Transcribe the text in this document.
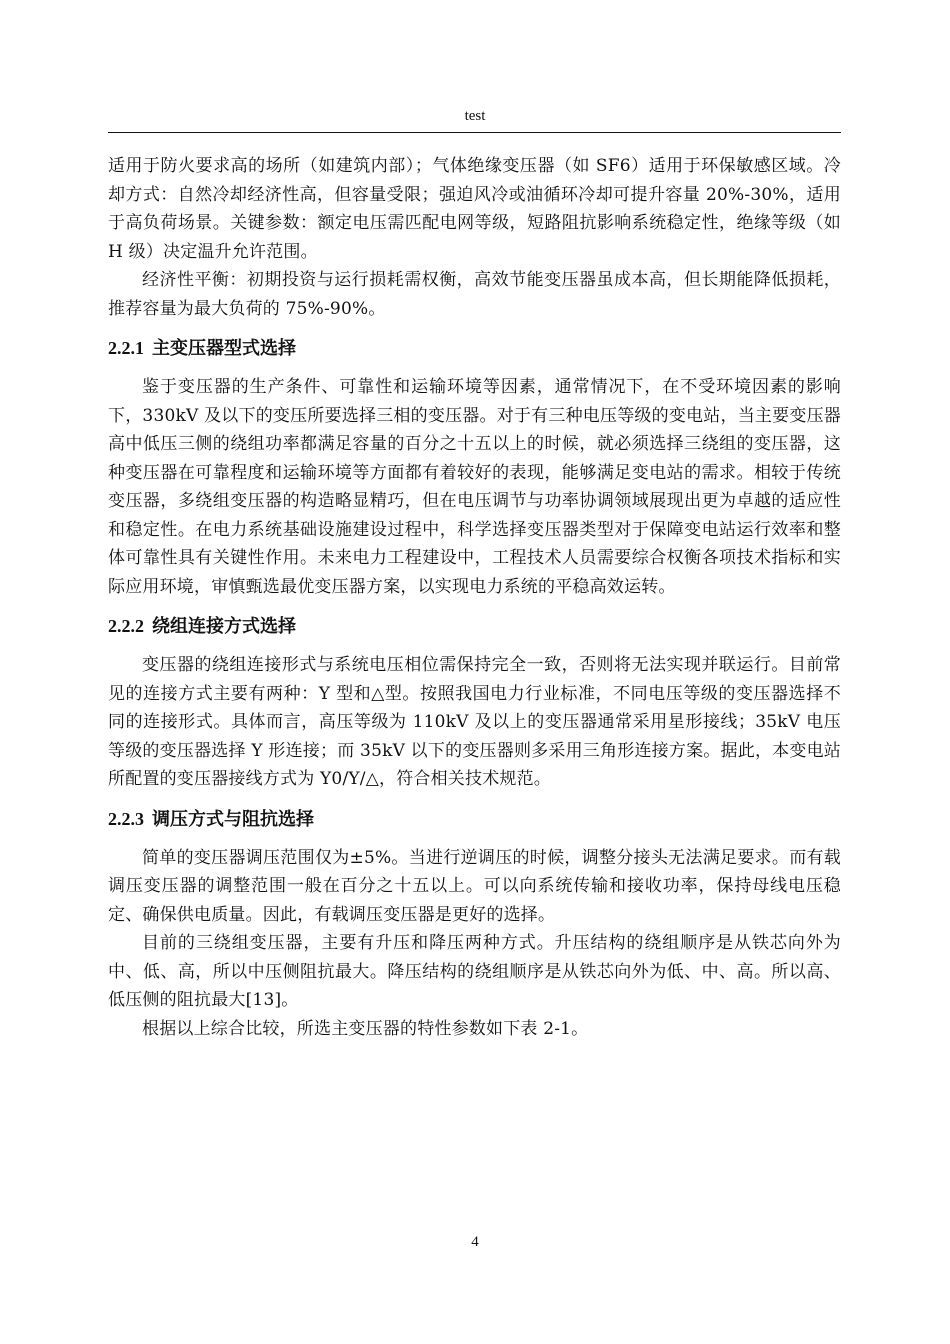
test

适用于防火要求高的场所（如建筑内部）；气体绝缘变压器（如 SF6）适用于环保敏感区域。冷却方式：自然冷却经济性高，但容量受限；强迫风冷或油循环冷却可提升容量 20%-30%，适用于高负荷场景。关键参数：额定电压需匹配电网等级，短路阻抗影响系统稳定性，绝缘等级（如 H 级）决定温升允许范围。

经济性平衡：初期投资与运行损耗需权衡，高效节能变压器虽成本高，但长期能降低损耗，推荐容量为最大负荷的 75%-90%。

2.2.1 主变压器型式选择

鉴于变压器的生产条件、可靠性和运输环境等因素，通常情况下，在不受环境因素的影响下，330kV 及以下的变压所要选择三相的变压器。对于有三种电压等级的变电站，当主要变压器高中低压三侧的绕组功率都满足容量的百分之十五以上的时候，就必须选择三绕组的变压器，这种变压器在可靠程度和运输环境等方面都有着较好的表现，能够满足变电站的需求。相较于传统变压器，多绕组变压器的构造略显精巧，但在电压调节与功率协调领域展现出更为卓越的适应性和稳定性。在电力系统基础设施建设过程中，科学选择变压器类型对于保障变电站运行效率和整体可靠性具有关键性作用。未来电力工程建设中，工程技术人员需要综合权衡各项技术指标和实际应用环境，审慎甄选最优变压器方案，以实现电力系统的平稳高效运转。

2.2.2 绕组连接方式选择

变压器的绕组连接形式与系统电压相位需保持完全一致，否则将无法实现并联运行。目前常见的连接方式主要有两种：Y 型和△型。按照我国电力行业标准，不同电压等级的变压器选择不同的连接形式。具体而言，高压等级为 110kV 及以上的变压器通常采用星形接线；35kV 电压等级的变压器选择 Y 形连接；而 35kV 以下的变压器则多采用三角形连接方案。据此，本变电站所配置的变压器接线方式为 Y0/Y/△，符合相关技术规范。

2.2.3 调压方式与阻抗选择

简单的变压器调压范围仅为±5%。当进行逆调压的时候，调整分接头无法满足要求。而有载调压变压器的调整范围一般在百分之十五以上。可以向系统传输和接收功率，保持母线电压稳定、确保供电质量。因此，有载调压变压器是更好的选择。

目前的三绕组变压器，主要有升压和降压两种方式。升压结构的绕组顺序是从铁芯向外为中、低、高，所以中压侧阻抗最大。降压结构的绕组顺序是从铁芯向外为低、中、高。所以高、低压侧的阻抗最大[13]。

根据以上综合比较，所选主变压器的特性参数如下表 2-1。

4
